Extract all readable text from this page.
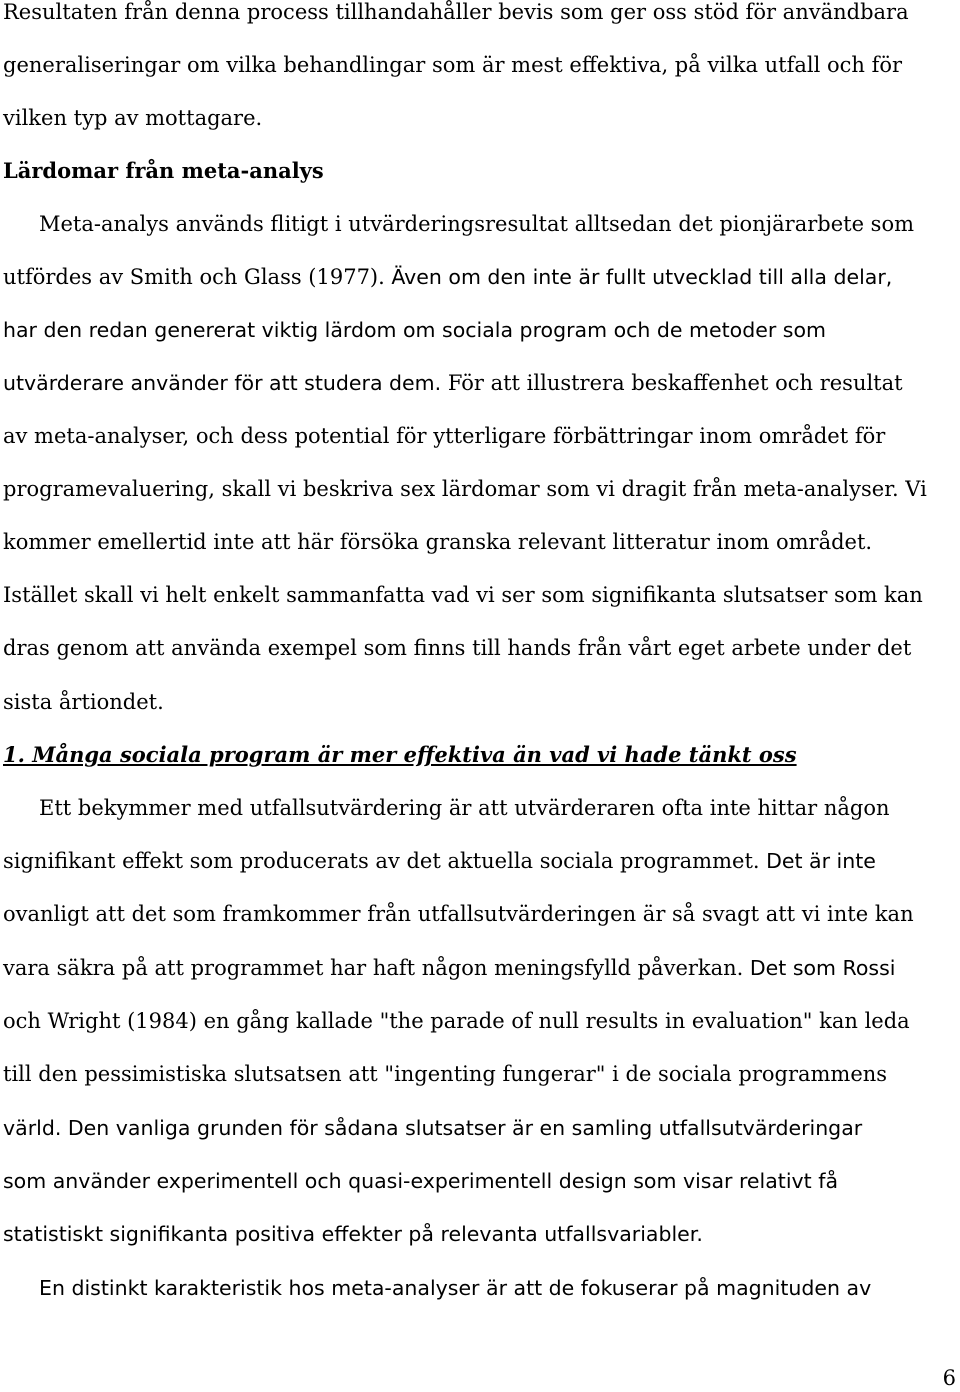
Resultaten från denna process tillhandahåller bevis som ger oss stöd för användbara
generaliseringar om vilka behandlingar som är mest effektiva, på vilka utfall och för
vilken typ av mottagare.
Lärdomar från meta-analys
Meta-analys används flitigt i utvärderingsresultat alltsedan det pionjärarbete som
utfördes av Smith och Glass (1977). Även om den inte är fullt utvecklad till alla delar,
har den redan genererat viktig lärdom om sociala program och de metoder som
utvärderare använder för att studera dem. För att illustrera beskaffenhet och resultat
av meta-analyser, och dess potential för ytterligare förbättringar inom området för
programevaluering, skall vi beskriva sex lärdomar som vi dragit från meta-analyser. Vi
kommer emellertid inte att här försöka granska relevant litteratur inom området.
Istället skall vi helt enkelt sammanfatta vad vi ser som signifikanta slutsatser som kan
dras genom att använda exempel som finns till hands från vårt eget arbete under det
sista årtiondet.
1. Många sociala program är mer effektiva än vad vi hade tänkt oss
Ett bekymmer med utfallsutvärdering är att utvärderaren ofta inte hittar någon
signifikant effekt som producerats av det aktuella sociala programmet. Det är inte
ovanligt att det som framkommer från utfallsutvärderingen är så svagt att vi inte kan
vara säkra på att programmet har haft någon meningsfylld påverkan. Det som Rossi
och Wright (1984) en gång kallade "the parade of null results in evaluation" kan leda
till den pessimistiska slutsatsen att "ingenting fungerar" i de sociala programmens
värld. Den vanliga grunden för sådana slutsatser är en samling utfallsutvärderingar
som använder experimentell och quasi-experimentell design som visar relativt få
statistiskt signifikanta positiva effekter på relevanta utfallsvariabler.
En distinkt karakteristik hos meta-analyser är att de fokuserar på magnituden av
6
